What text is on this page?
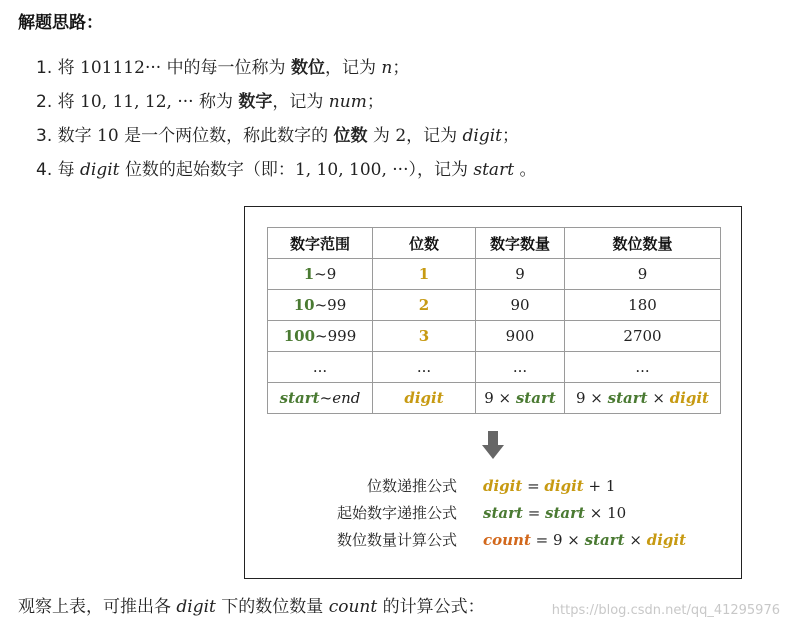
解题思路：
1. 将 101112··· 中的每一位称为 数位，记为 n；
2. 将 10, 11, 12, ··· 称为 数字，记为 num；
3. 数字 10 是一个两位数，称此数字的 位数 为 2，记为 digit；
4. 每 digit 位数的起始数字（即：1, 10, 100, ···），记为 start 。
数字范围	位数	数字数量	数位数量
1~9	1	9	9
10~99	2	90	180
100~999	3	900	2700
...	...	...	...
start~end	digit	9 × start	9 × start × digit
位数递推公式 digit = digit + 1
起始数字递推公式 start = start × 10
数位数量计算公式 count = 9 × start × digit
观察上表，可推出各 digit 下的数位数量 count 的计算公式：	https://blog.csdn.net/qq_41295976
